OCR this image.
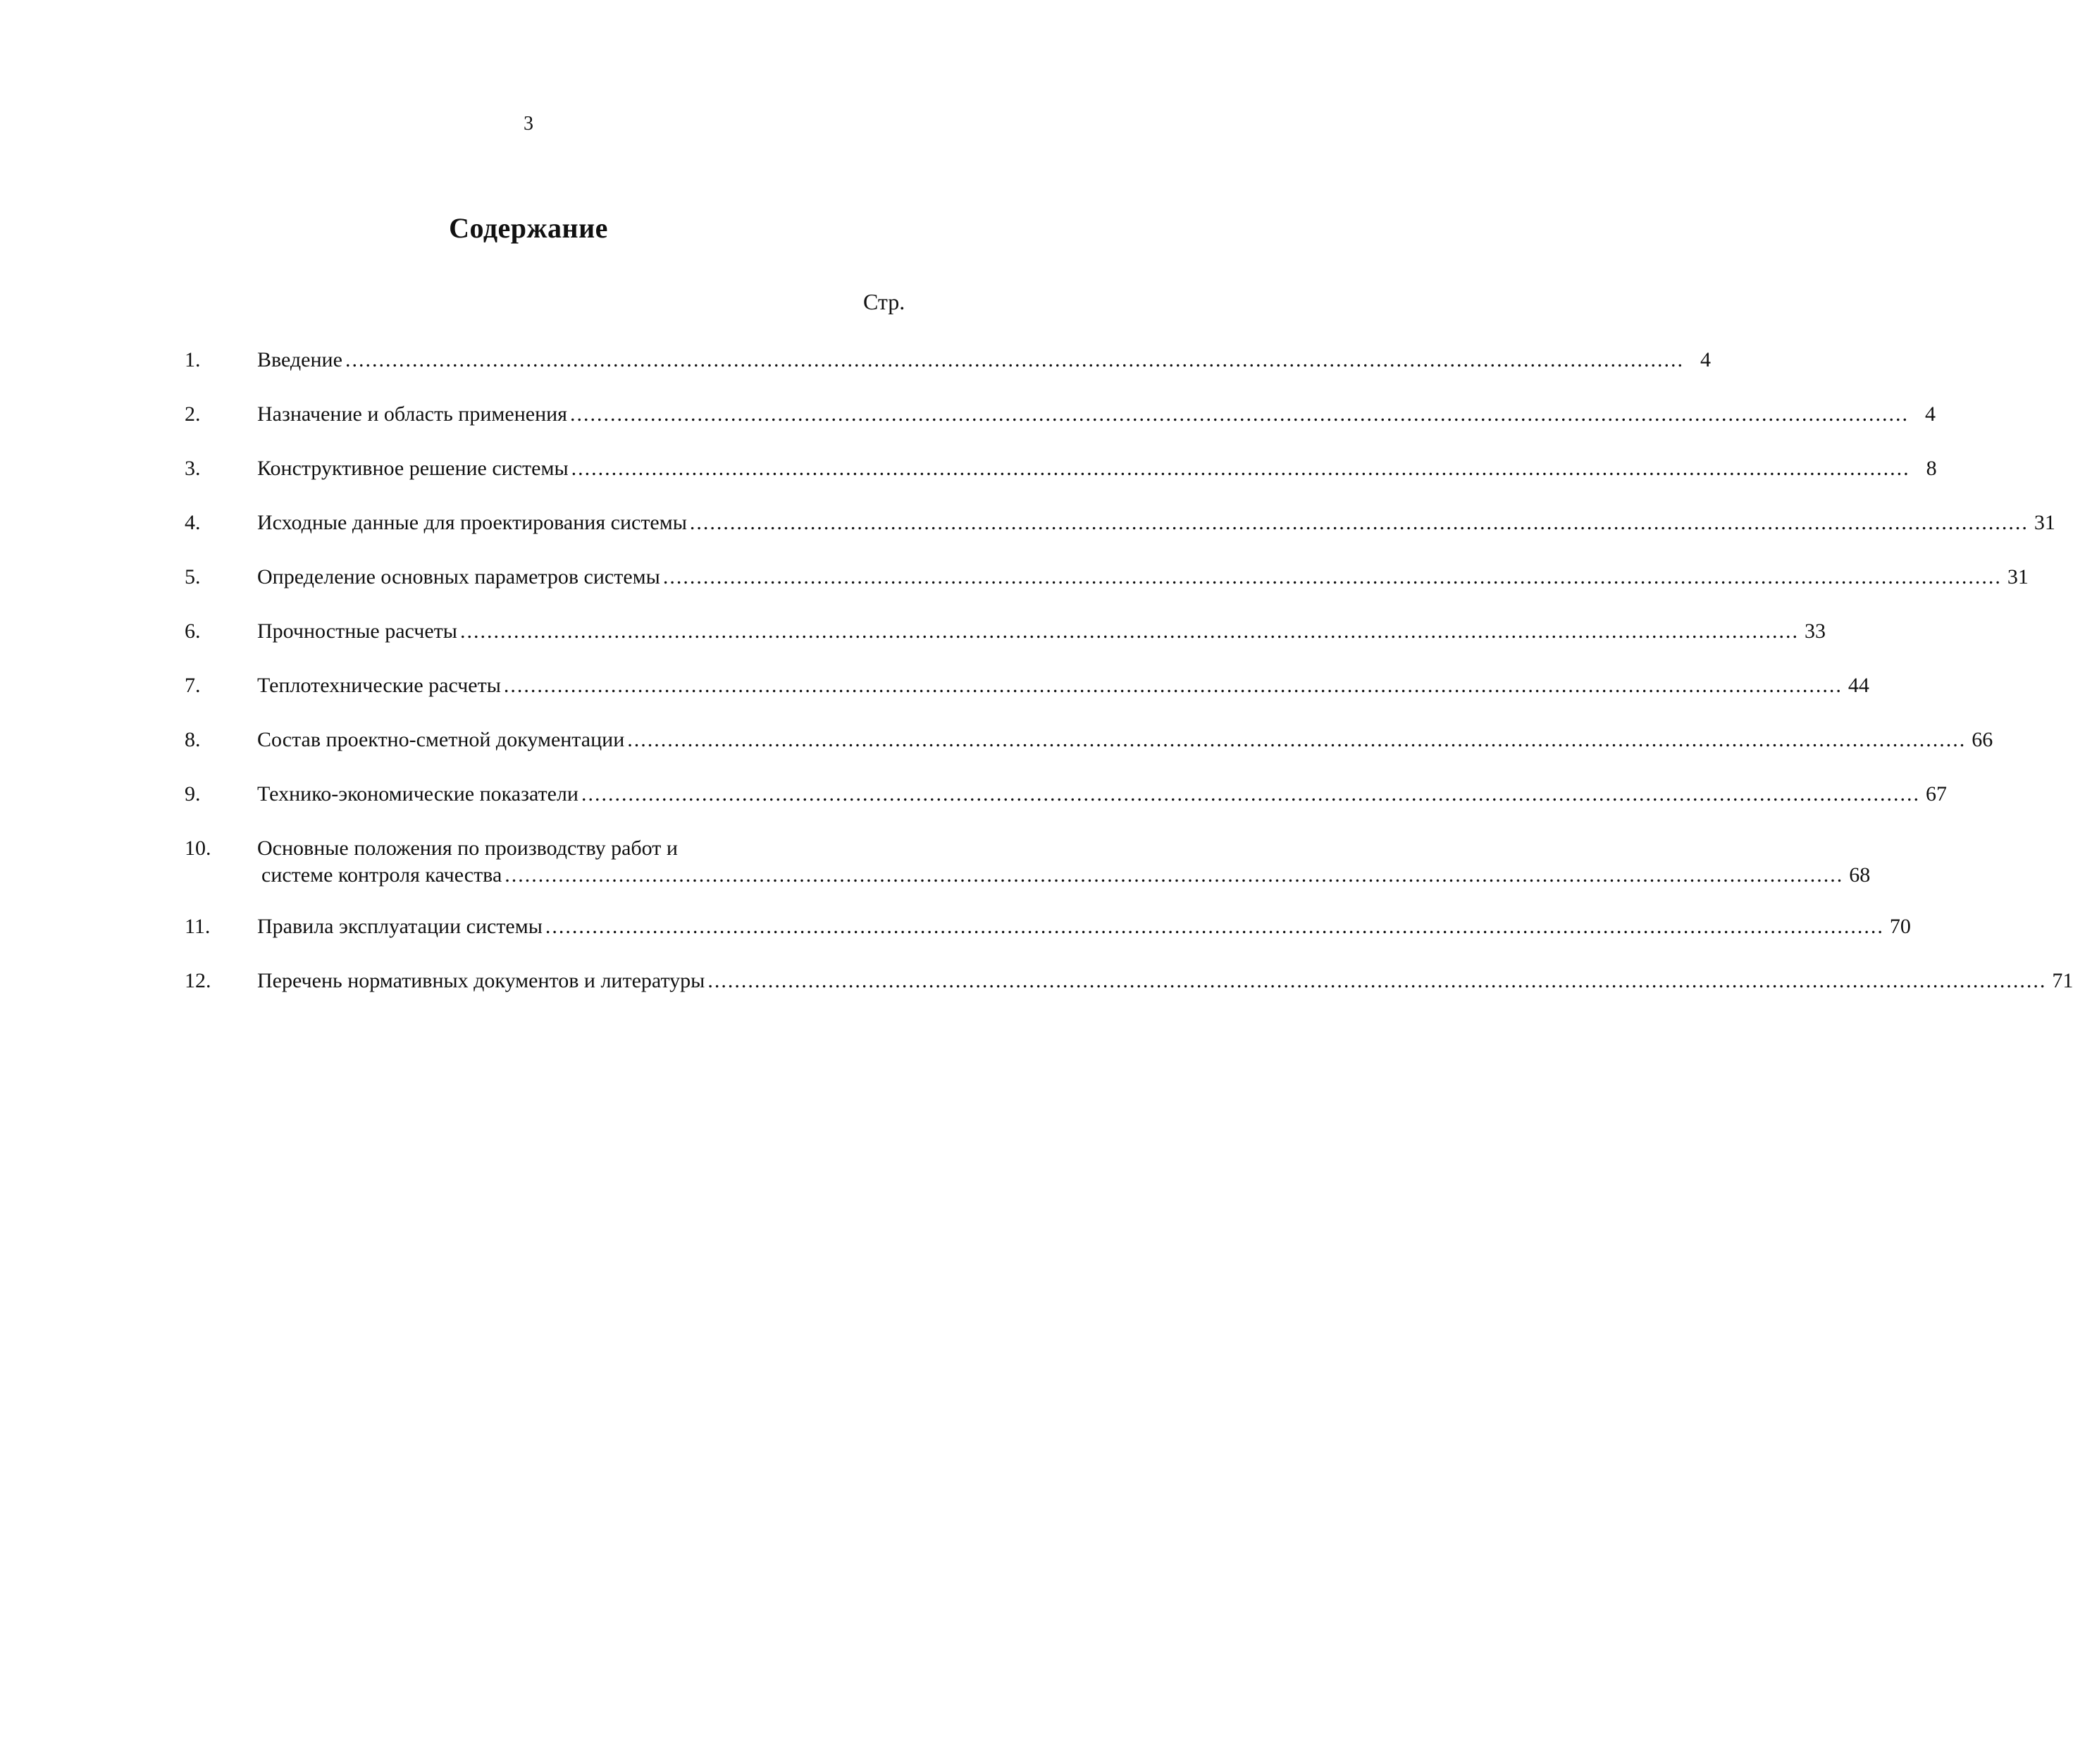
3
Содержание
Стр.
1.	Введение .....	4
2.	Назначение и область применения .....	4
3.	Конструктивное решение системы .....	8
4.	Исходные данные для проектирования системы .....	31
5.	Определение основных параметров системы .....	31
6.	Прочностные расчеты .....	33
7.	Теплотехнические расчеты .....	44
8.	Состав проектно-сметной документации .....	66
9.	Технико-экономические показатели .....	67
10.	Основные положения по производству работ и
системе контроля качества .....	68
11.	Правила эксплуатации системы .....	70
12.	Перечень нормативных документов и литературы .....	71
